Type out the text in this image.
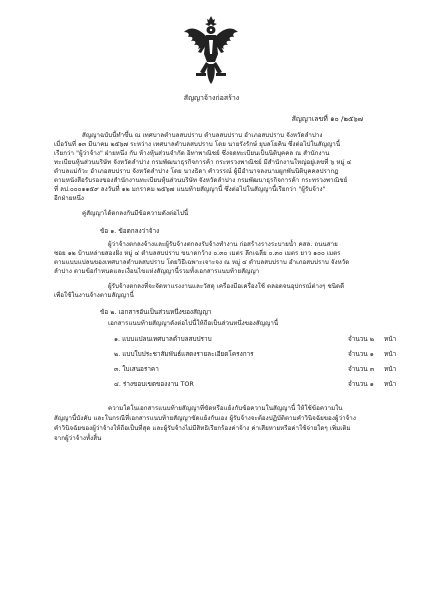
สัญญาจ้างก่อสร้าง
สัญญาเลขที่ ๑๐ /๒๕๖๗
สัญญาฉบับนี้ทำขึ้น ณ เทศบาลตำบลสบปราบ ตำบลสบปราบ อำเภอสบปราบ จังหวัดลำปาง
เมื่อวันที่ ๑๓ มีนาคม ๒๕๖๗ ระหว่าง เทศบาลตำบลสบปราบ โดย นายรังรักษ์ ยุบลโยคิน ซึ่งต่อไปในสัญญานี้
เรียกว่า "ผู้ว่าจ้าง" ฝ่ายหนึ่ง กับ ห้างหุ้นส่วนจำกัด อิทาพาณิชย์ ซึ่งจดทะเบียนเป็นนิติบุคคล ณ สำนักงาน
ทะเบียนหุ้นส่วนบริษัท จังหวัดลำปาง กรมพัฒนาธุรกิจการค้า กระทรวงพาณิชย์ มีสำนักงานใหญ่อยู่เลขที่ ๖ หมู่ ๔
ตำบลแม่กัวะ อำเภอสบปราบ จังหวัดลำปาง โดย นางธิดา คำวรรณ์ ผู้มีอำนาจลงนามผูกพันนิติบุคคลปรากฏ
ตามหนังสือรับรองของสำนักงานทะเบียนหุ้นส่วนบริษัท จังหวัดลำปาง กรมพัฒนาธุรกิจการค้า กระทรวงพาณิชย์
ที่ ลป.๐๐๐๑๑๕๙ ลงวันที่ ๑๒ มกราคม ๒๕๖๗ แนบท้ายสัญญานี้ ซึ่งต่อไปในสัญญานี้เรียกว่า "ผู้รับจ้าง"
อีกฝ่ายหนึ่ง
คู่สัญญาได้ตกลงกันมีข้อความดังต่อไปนี้
ข้อ ๑. ข้อตกลงว่าจ้าง
ผู้ว่าจ้างตกลงจ้างและผู้รับจ้างตกลงรับจ้างทำงาน ก่อสร้างรางระบายน้ำ คสล. ถนนสาย
ซอย ๑๒ บ้านหล่ายสองฝั่ง หมู่ ๔ ตำบลสบปราบ ขนาดกว้าง ๐.๓๐ เมตร ลึกเฉลี่ย ๐.๓๐ เมตร ยาว ๑๐๐ เมตร
ตามแบบแปลนของเทศบาลตำบลสบปราบ โดยวิธีเฉพาะเจาะจง ณ หมู่ ๔ ตำบลสบปราบ อำเภอสบปราบ จังหวัด
ลำปาง ตามข้อกำหนดและเงื่อนไขแห่งสัญญานี้รวมทั้งเอกสารแนบท้ายสัญญา
ผู้รับจ้างตกลงที่จะจัดหาแรงงานและวัสดุ เครื่องมือเครื่องใช้ ตลอดจนอุปกรณ์ต่างๆ ชนิดดี
เพื่อใช้ในงานจ้างตามสัญญานี้
ข้อ ๒. เอกสารอันเป็นส่วนหนึ่งของสัญญา
เอกสารแนบท้ายสัญญาดังต่อไปนี้ให้ถือเป็นส่วนหนึ่งของสัญญานี้
๑. แบบแปลนเทศบาลตำบลสบปราบ	จำนวน ๒ หน้า
๒. แบบใบประชาสัมพันธ์แสดงรายละเอียดโครงการ	จำนวน ๑ หน้า
๓. ใบเสนอราคา	จำนวน ๓ หน้า
๔. ร่างขอบเขตของงาน TOR	จำนวน ๑ หน้า
ความใดในเอกสารแนบท้ายสัญญาที่ขัดหรือแย้งกับข้อความในสัญญานี้ ให้ใช้ข้อความใน
สัญญานี้บังคับ และในกรณีที่เอกสารแนบท้ายสัญญาขัดแย้งกันเอง ผู้รับจ้างจะต้องปฏิบัติตามคำวินิจฉัยของผู้ว่าจ้าง
คำวินิจฉัยของผู้ว่าจ้างให้ถือเป็นที่สุด และผู้รับจ้างไม่มีสิทธิเรียกร้องค่าจ้าง ค่าเสียหายหรือค่าใช้จ่ายใดๆ เพิ่มเติม
จากผู้ว่าจ้างทั้งสิ้น
